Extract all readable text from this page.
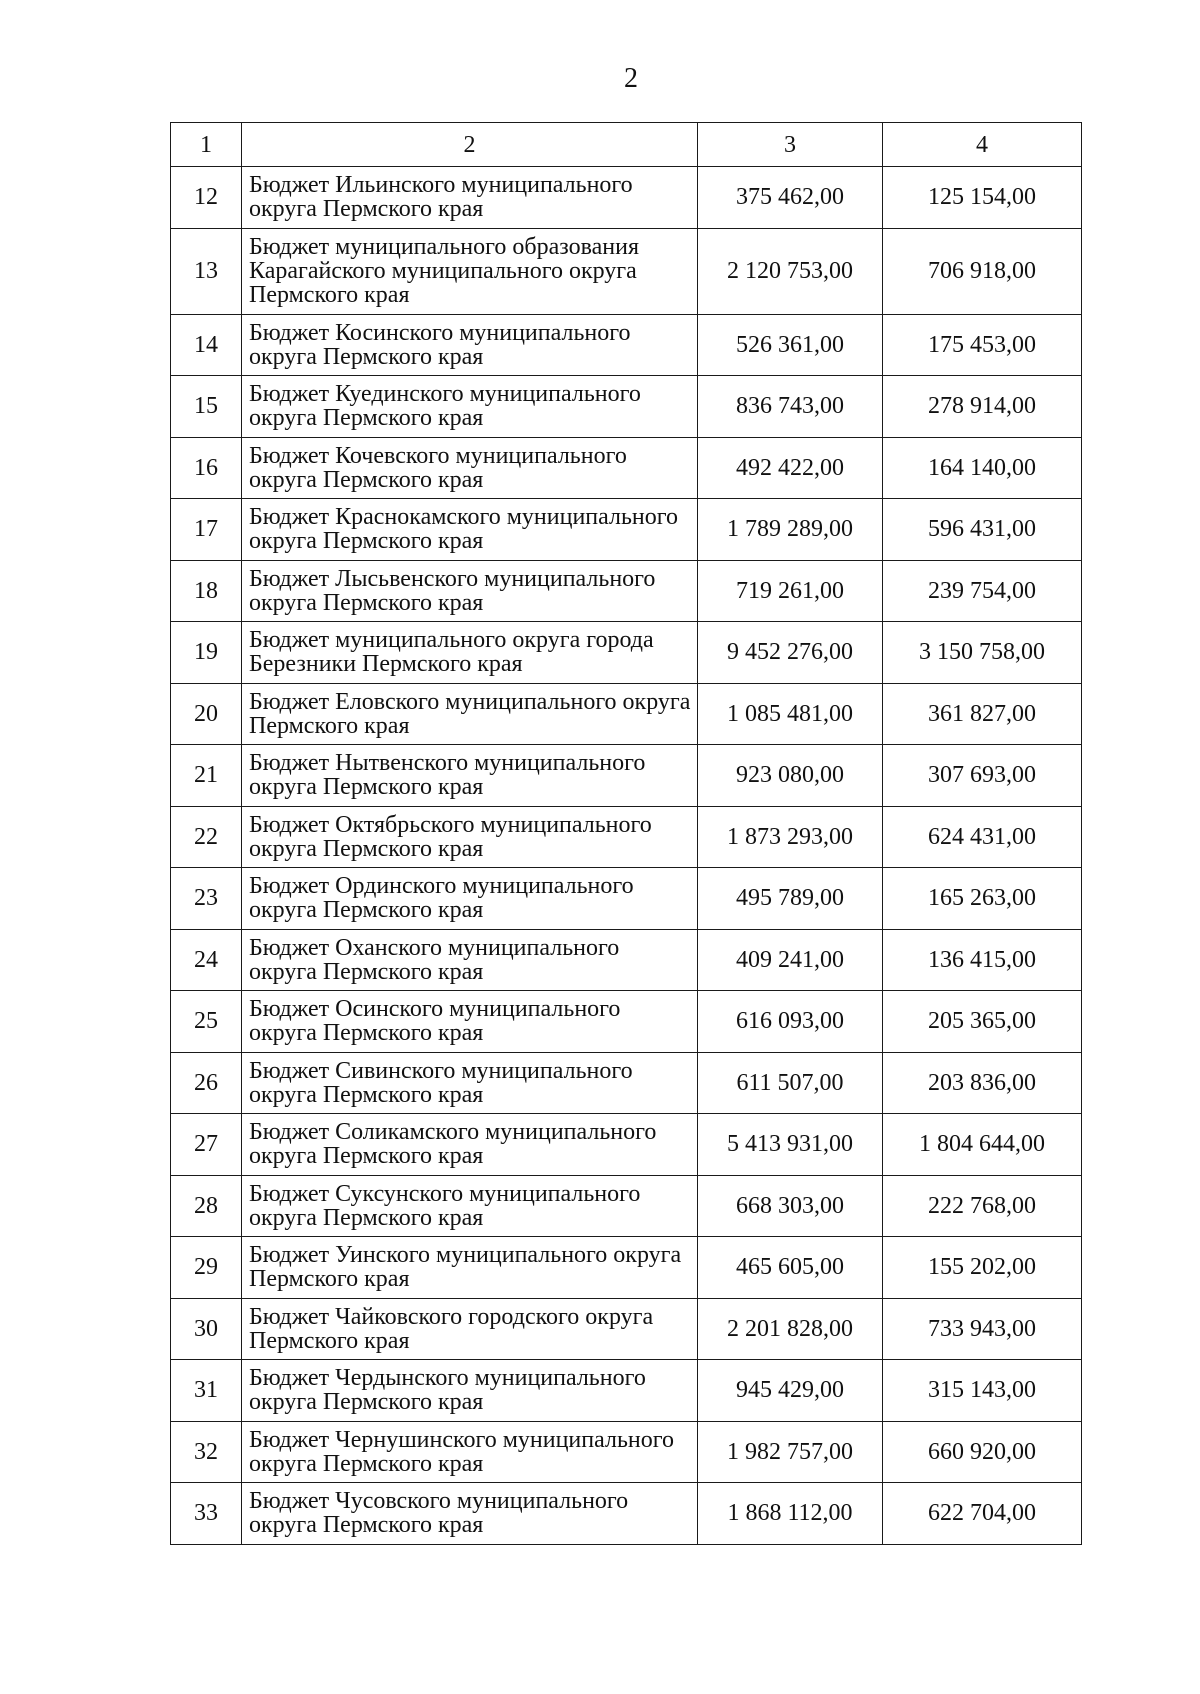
2
1	2	3	4
12	Бюджет Ильинского муниципального округа Пермского края	375 462,00	125 154,00
13	Бюджет муниципального образования Карагайского муниципального округа Пермского края	2 120 753,00	706 918,00
14	Бюджет Косинского муниципального округа Пермского края	526 361,00	175 453,00
15	Бюджет Куединского муниципального округа Пермского края	836 743,00	278 914,00
16	Бюджет Кочевского муниципального округа Пермского края	492 422,00	164 140,00
17	Бюджет Краснокамского муниципального округа Пермского края	1 789 289,00	596 431,00
18	Бюджет Лысьвенского муниципального округа Пермского края	719 261,00	239 754,00
19	Бюджет муниципального округа города Березники Пермского края	9 452 276,00	3 150 758,00
20	Бюджет Еловского муниципального округа Пермского края	1 085 481,00	361 827,00
21	Бюджет Нытвенского муниципального округа Пермского края	923 080,00	307 693,00
22	Бюджет Октябрьского муниципального округа Пермского края	1 873 293,00	624 431,00
23	Бюджет Ординского муниципального округа Пермского края	495 789,00	165 263,00
24	Бюджет Оханского муниципального округа Пермского края	409 241,00	136 415,00
25	Бюджет Осинского муниципального округа Пермского края	616 093,00	205 365,00
26	Бюджет Сивинского муниципального округа Пермского края	611 507,00	203 836,00
27	Бюджет Соликамского муниципального округа Пермского края	5 413 931,00	1 804 644,00
28	Бюджет Суксунского муниципального округа Пермского края	668 303,00	222 768,00
29	Бюджет Уинского муниципального округа Пермского края	465 605,00	155 202,00
30	Бюджет Чайковского городского округа Пермского края	2 201 828,00	733 943,00
31	Бюджет Чердынского муниципального округа Пермского края	945 429,00	315 143,00
32	Бюджет Чернушинского муниципального округа Пермского края	1 982 757,00	660 920,00
33	Бюджет Чусовского муниципального округа Пермского края	1 868 112,00	622 704,00
